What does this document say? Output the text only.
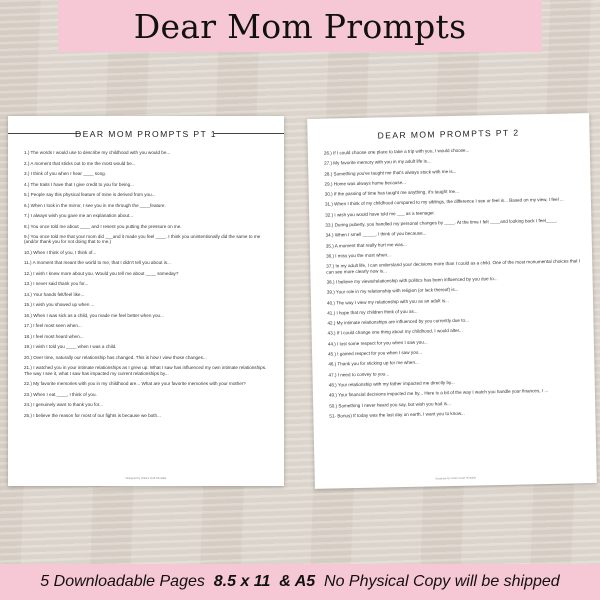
Dear Mom Prompts
DEAR MOM PROMPTS PT 1
1.) The words I would use to describe my childhood with you would be...
2.) A moment that sticks out to me the most would be...
3.) I think of you when I hear ____ song.
4.) The traits I have that I give credit to you for being...
5.) People say this physical feature of mine is derived from you...
6.) When I look in the mirror, I see you in me through the ____feature.
7.) I always wish you gave me an explanation about...
8.) You once told me about ____ and I resent you putting the pressure on me.
9.) You once told me that your mom did ___and it made you feel ____. I think you unintentionally did the same to me (and/or thank you for not doing that to me.)
10.) When I think of you, I think of...
11.) A moment that meant the world to me, that I didn't tell you about is...
12.) I wish I knew more about you. Would you tell me about ____ someday?
13.) I never said thank you for...
14.) Your hands felt/feel like...
15.) I wish you showed up when ...
16.) When I was sick as a child, you made me feel better when you...
17.) I feel most seen when...
18.) I feel most heard when...
19.) I wish I told you ____ when I was a child.
20.) Over time, naturally our relationship has changed. This is how I view those changes...
21.) I watched you in your intimate relationships as I grew up. What I saw has influenced my own intimate relationships. The way I see it, what I saw has impacted my current relationships by...
22.) My favorite memories with you in my childhood are... What are your favorite memories with your mother?
23.) When I eat ____, I think of you.
24.) I genuinely want to thank you for...
25.) I believe the reason for most of our fights is because we both...
Designed by Violet's Craft Printable
DEAR MOM PROMPTS PT 2
26.) If I could choose one place to take a trip with you, I would choose...
27.) My favorite memory with you in my adult life is...
28.) Something you've taught me that's always stuck with me is...
29.) Home was always home because...
30.) If the passing of time has taught me anything, it's taught me...
31.) When I think of my childhood compared to my siblings, the difference I see or feel is... Based on my view, I feel ...
32.) I wish you would have told me ___ as a teenager.
33.) During puberty, you handled my personal changes by ____. At the time I felt ____and looking back I feel____.
34.) When I smell _____, I think of you because...
35.) A moment that really hurt me was...
36.) I miss you the most when...
37.) In my adult life, I can understand your decisions more than I could as a child. One of the most monumental choices that I can see more clearly now is...
38.) I believe my views/relationship with politics has been influenced by you due to...
39.) Your role in my relationship with religion (or lack thereof) is...
40.) The way I view my relationship with you as an adult is...
41.) I hope that my children think of you as...
42.) My intimate relationships are influenced by you currently due to...
43.) If I could change one thing about my childhood, I would alter...
44.) I lost some respect for you when I saw you...
45.) I gained respect for you when I saw you...
46.) Thank you for sticking up for me when...
47.) I need to convey to you...
48.) Your relationship with my father impacted me directly by...
49.) Your financial decisions impacted me by... Here is a bit of the way I watch you handle your finances, I ...
50.) Something I never heard you say, but wish you had is...
51- Bonus) If today was the last day on earth, I want you to know...
Designed by Violet's Craft Printable
5 Downloadable Pages 8.5 x 11  & A5 No Physical Copy will be shipped
